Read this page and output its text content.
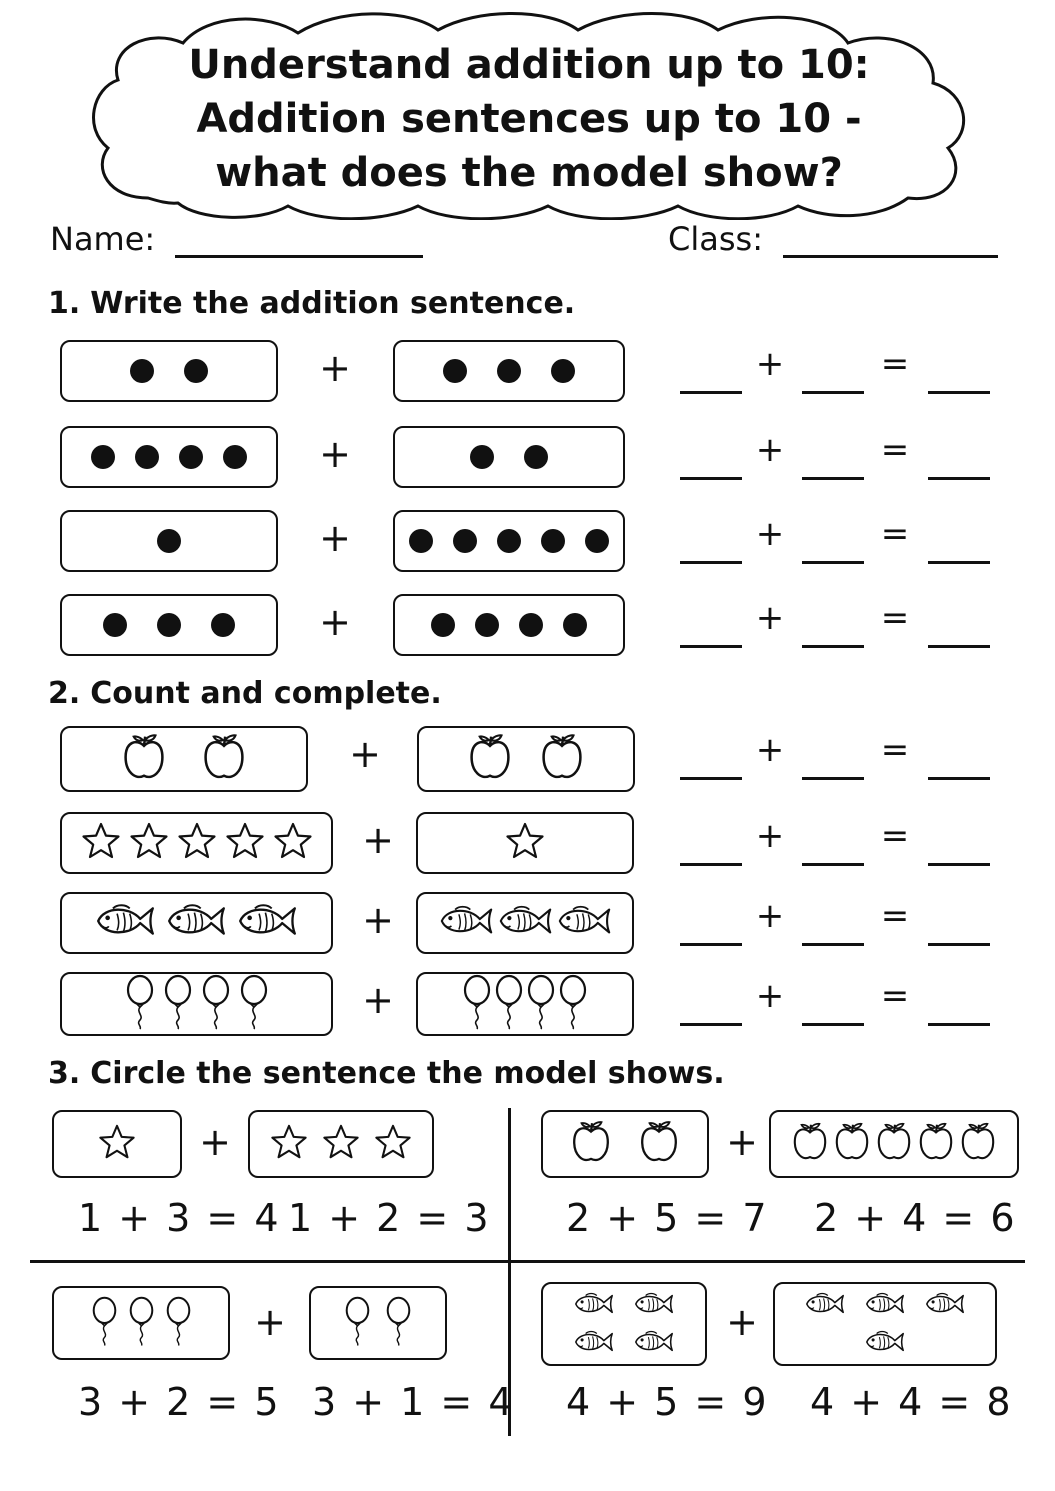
Understand addition up to 10:
Addition sentences up to 10 -
what does the model show?
Name:	Class:
1. Write the addition sentence.
2. Count and complete.
3. Circle the sentence the model shows.
+	+	=
+	+	=
+	+	=
+	+	=
+	+	=
+	+	=
+	+	=
+	+	=
+
1 + 3 = 4 1 + 2 = 3
+
2 + 5 = 7 2 + 4 = 6
+
3 + 2 = 5 3 + 1 = 4
+
4 + 5 = 9 4 + 4 = 8
